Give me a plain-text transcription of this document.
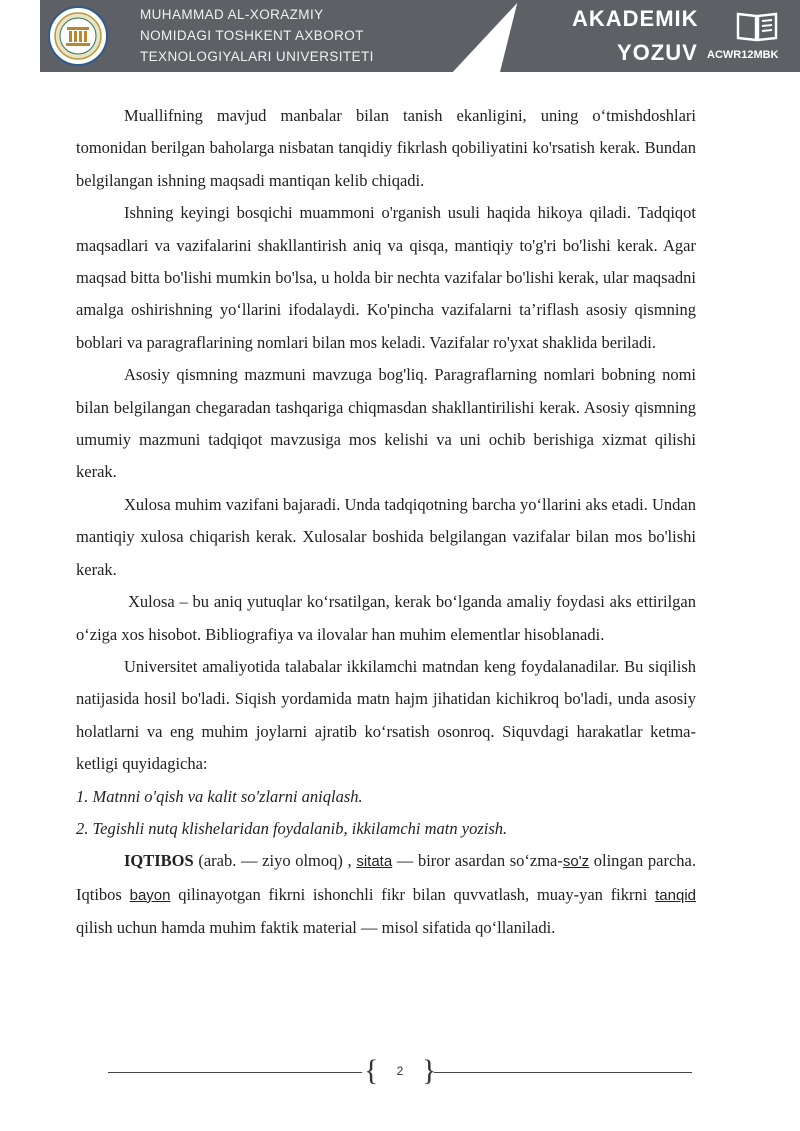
MUHAMMAD AL-XORAZMIY
NOMIDAGI TOSHKENT AXBOROT
TEXNOLOGIYALARI UNIVERSITETI
AKADEMIK
YOZUV ACWR12MBK

Muallifning mavjud manbalar bilan tanish ekanligini, uning o‘tmishdoshlari tomonidan berilgan baholarga nisbatan tanqidiy fikrlash qobiliyatini ko'rsatish kerak. Bundan belgilangan ishning maqsadi mantiqan kelib chiqadi.

Ishning keyingi bosqichi muammoni o'rganish usuli haqida hikoya qiladi. Tadqiqot maqsadlari va vazifalarini shakllantirish aniq va qisqa, mantiqiy to'g'ri bo'lishi kerak. Agar maqsad bitta bo'lishi mumkin bo'lsa, u holda bir nechta vazifalar bo'lishi kerak, ular maqsadni amalga oshirishning yo‘llarini ifodalaydi. Ko'pincha vazifalarni ta’riflash asosiy qismning boblari va paragraflarining nomlari bilan mos keladi. Vazifalar ro'yxat shaklida beriladi.

Asosiy qismning mazmuni mavzuga bog'liq. Paragraflarning nomlari bobning nomi bilan belgilangan chegaradan tashqariga chiqmasdan shakllantirilishi kerak. Asosiy qismning umumiy mazmuni tadqiqot mavzusiga mos kelishi va uni ochib berishiga xizmat qilishi kerak.

Xulosa muhim vazifani bajaradi. Unda tadqiqotning barcha yo‘llarini aks etadi. Undan mantiqiy xulosa chiqarish kerak. Xulosalar boshida belgilangan vazifalar bilan mos bo'lishi kerak.

Xulosa – bu aniq yutuqlar ko‘rsatilgan, kerak bo‘lganda amaliy foydasi aks ettirilgan o‘ziga xos hisobot. Bibliografiya va ilovalar han muhim elementlar hisoblanadi.

Universitet amaliyotida talabalar ikkilamchi matndan keng foydalanadilar. Bu siqilish natijasida hosil bo'ladi. Siqish yordamida matn hajm jihatidan kichikroq bo'ladi, unda asosiy holatlarni va eng muhim joylarni ajratib ko‘rsatish osonroq. Siquvdagi harakatlar ketma-ketligi quyidagicha:

1. Matnni o'qish va kalit so'zlarni aniqlash.

2. Tegishli nutq klishelaridan foydalanib, ikkilamchi matn yozish.

IQTIBOS (arab. — ziyo olmoq) , sitata — biror asardan so‘zma-so'z olingan parcha. Iqtibos bayon qilinayotgan fikrni ishonchli fikr bilan quvvatlash, muay-yan fikrni tanqid qilish uchun hamda muhim faktik material — misol sifatida qo‘llaniladi.

{	2 }
